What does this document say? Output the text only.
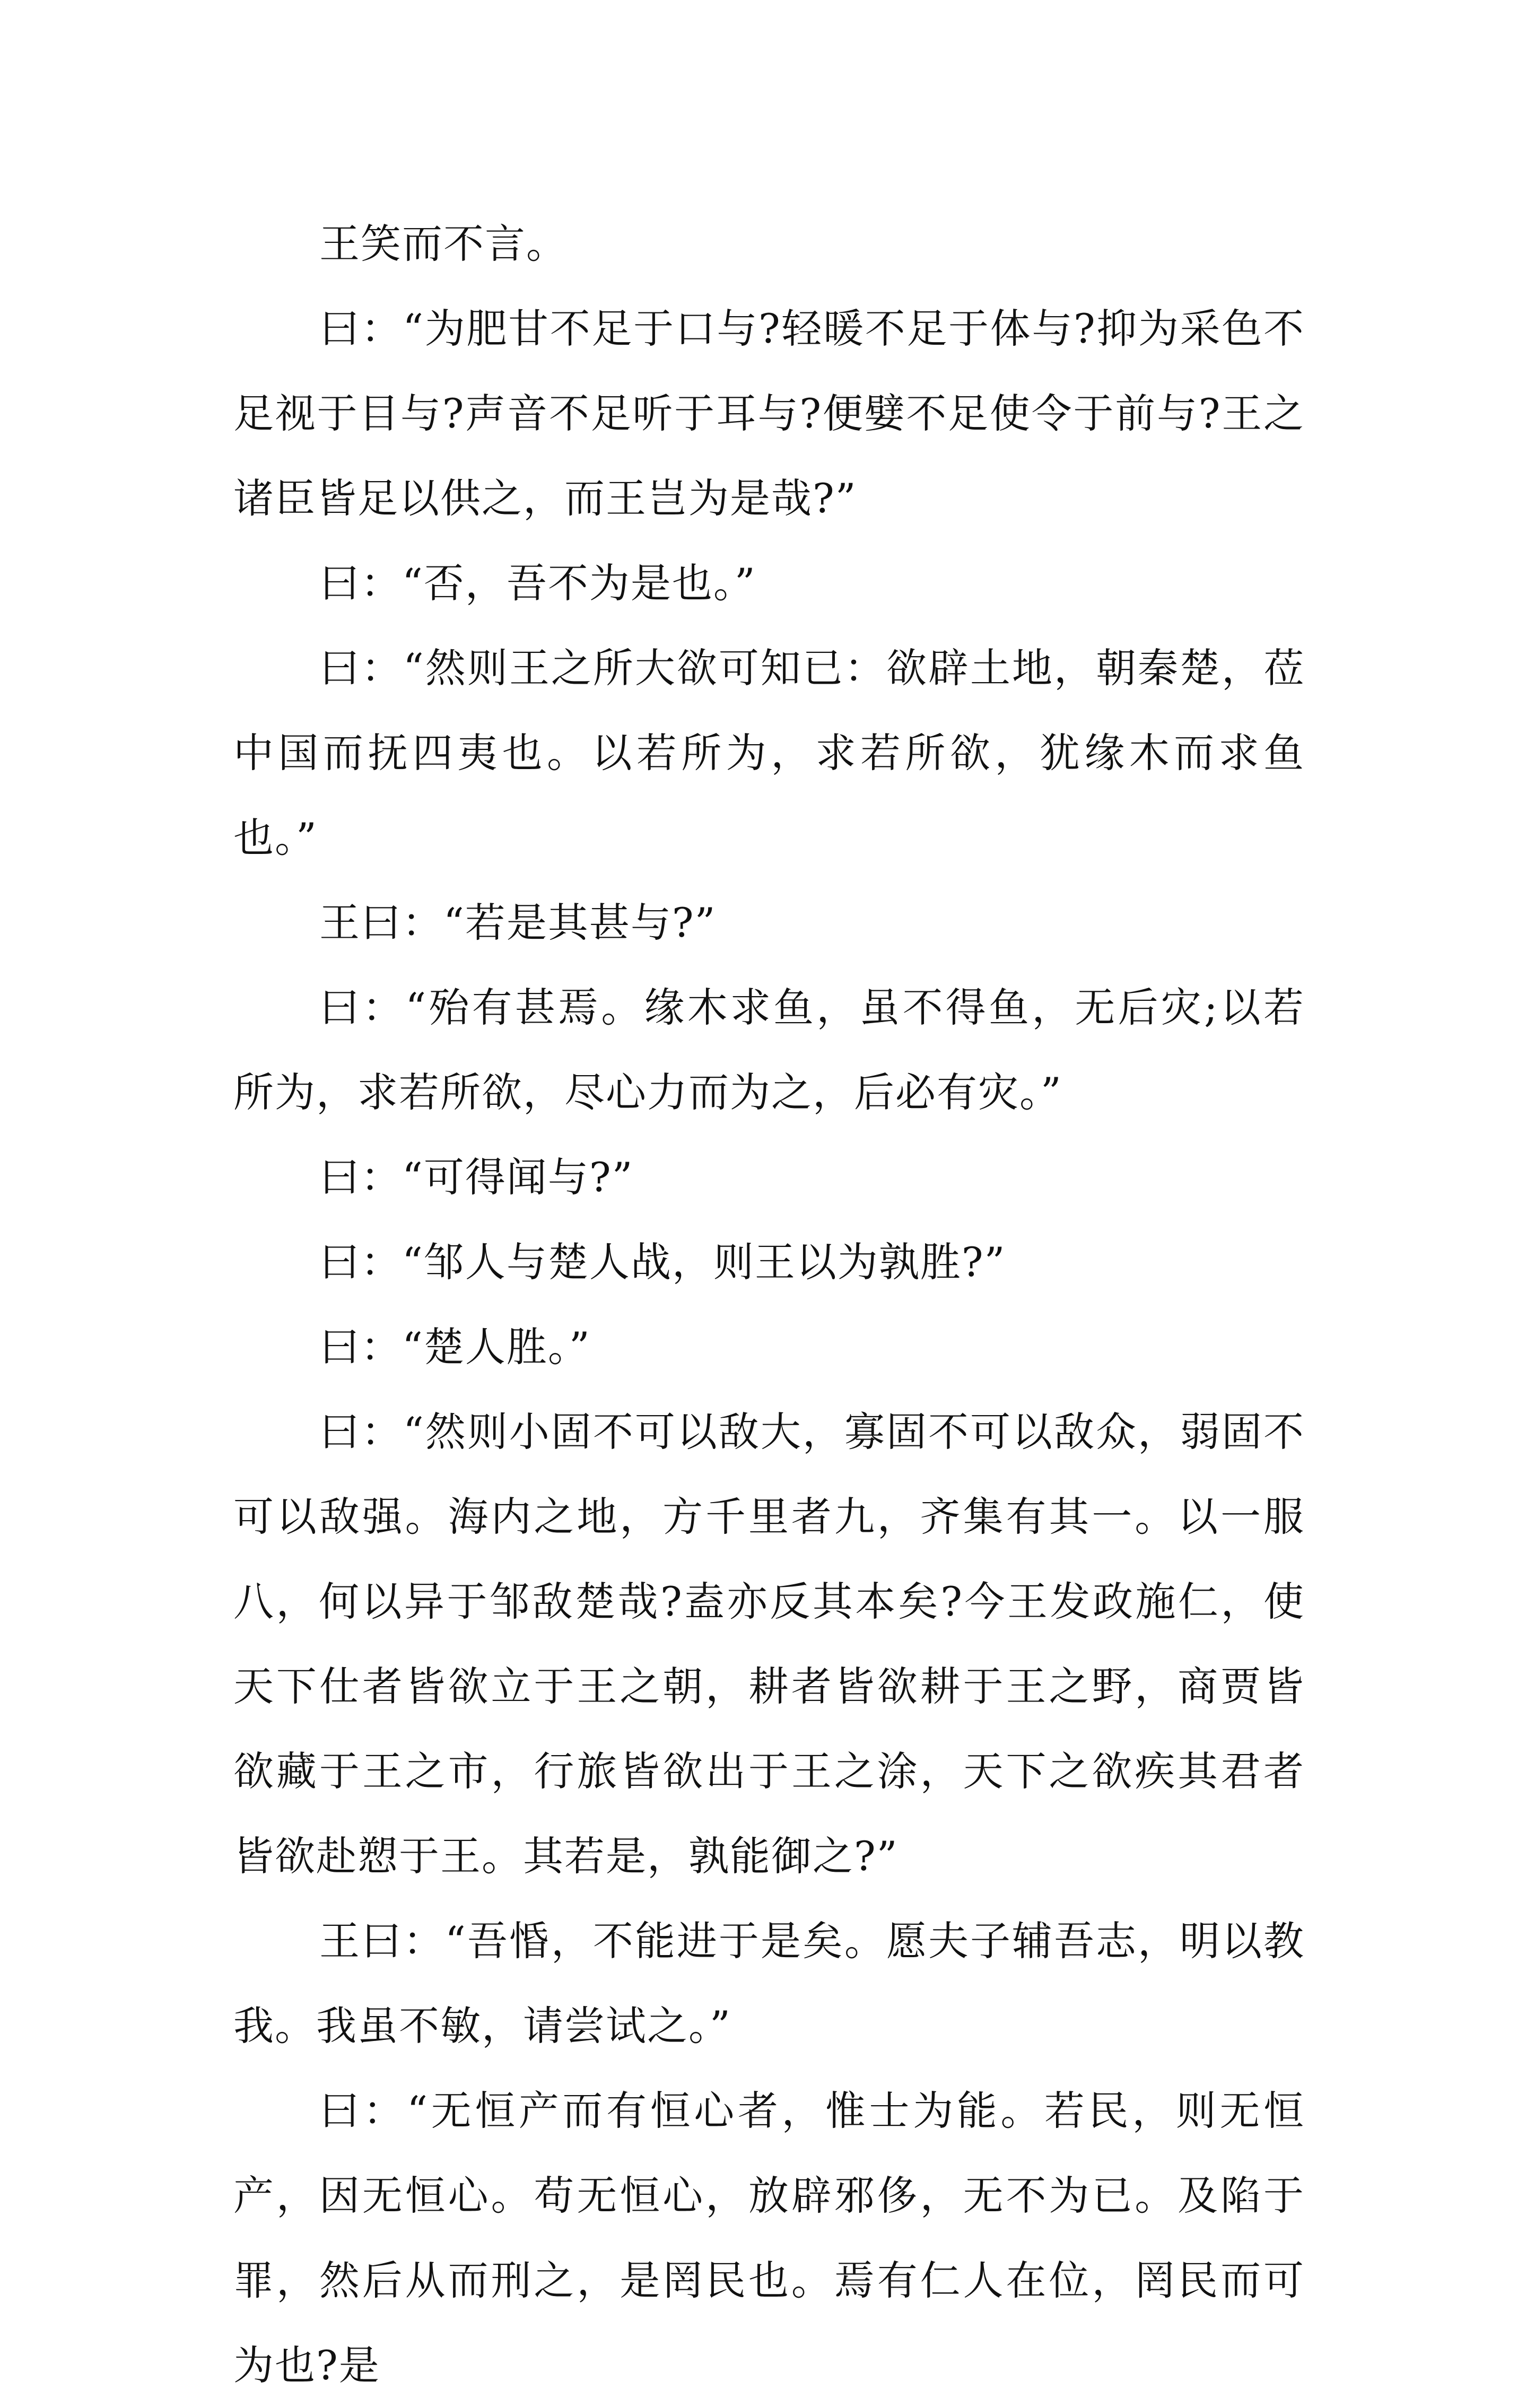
王笑而不言。

曰：“为肥甘不足于口与?轻暖不足于体与?抑为采色不足视于目与?声音不足听于耳与?便嬖不足使令于前与?王之诸臣皆足以供之，而王岂为是哉?”

曰：“否，吾不为是也。”

曰：“然则王之所大欲可知已：欲辟土地，朝秦楚，莅中国而抚四夷也。以若所为，求若所欲，犹缘木而求鱼也。”

王曰：“若是其甚与?”

曰：“殆有甚焉。缘木求鱼，虽不得鱼，无后灾;以若所为，求若所欲，尽心力而为之，后必有灾。”

曰：“可得闻与?”

曰：“邹人与楚人战，则王以为孰胜?”

曰：“楚人胜。”

曰：“然则小固不可以敌大，寡固不可以敌众，弱固不可以敌强。海内之地，方千里者九，齐集有其一。以一服八，何以异于邹敌楚哉?盍亦反其本矣?今王发政施仁，使天下仕者皆欲立于王之朝，耕者皆欲耕于王之野，商贾皆欲藏于王之市，行旅皆欲出于王之涂，天下之欲疾其君者皆欲赴愬于王。其若是，孰能御之?”

王曰：“吾惛，不能进于是矣。愿夫子辅吾志，明以教我。我虽不敏，请尝试之。”

曰：“无恒产而有恒心者，惟士为能。若民，则无恒产，因无恒心。苟无恒心，放辟邪侈，无不为已。及陷于罪，然后从而刑之，是罔民也。焉有仁人在位，罔民而可为也?是
